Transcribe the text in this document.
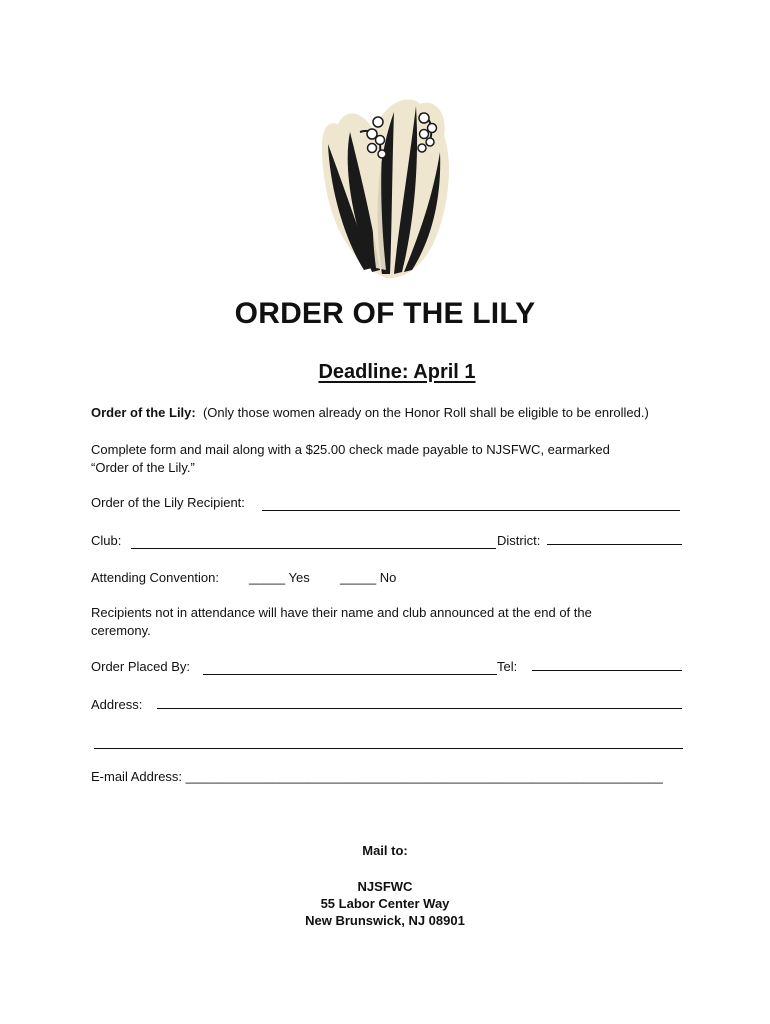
ORDER OF THE LILY
Deadline: April 1
Order of the Lily: (Only those women already on the Honor Roll shall be eligible to be enrolled.)
Complete form and mail along with a $25.00 check made payable to NJSFWC, earmarked
“Order of the Lily.”
Order of the Lily Recipient:
Club:	District:
Attending Convention: _____ Yes _____ No
Recipients not in attendance will have their name and club announced at the end of the
ceremony.
Order Placed By:	Tel:
Address:
E-mail Address: __________________________________________________________________
Mail to:
NJSFWC
55 Labor Center Way
New Brunswick, NJ 08901
